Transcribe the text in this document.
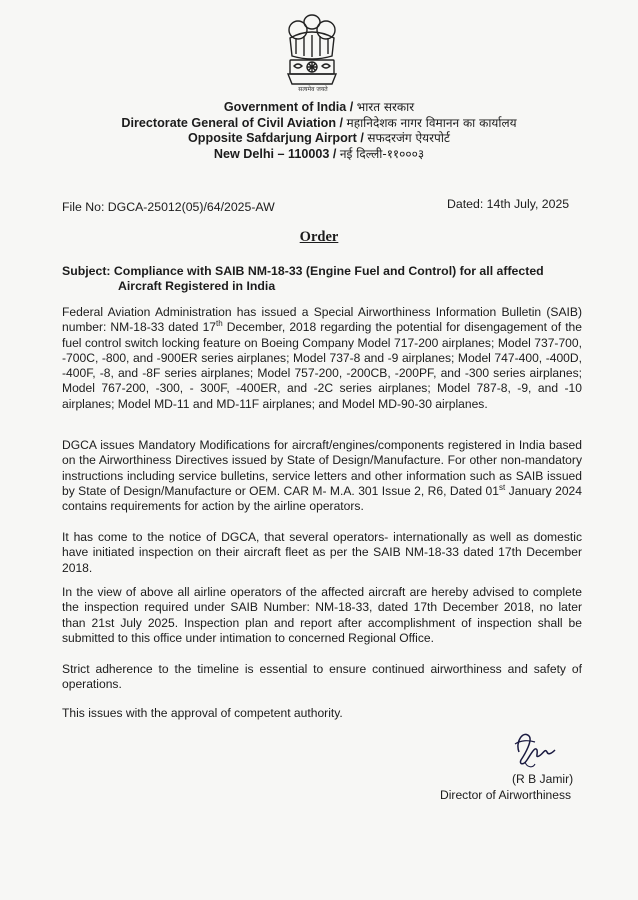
सत्यमेव जयते
Government of India / भारत सरकार
Directorate General of Civil Aviation / महानिदेशक नागर विमानन का कार्यालय
Opposite Safdarjung Airport / सफदरजंग ऐयरपोर्ट
New Delhi – 110003 / नई दिल्ली-११०००३
File No: DGCA-25012(05)/64/2025-AW	Dated: 14th July, 2025
Order
Subject: Compliance with SAIB NM-18-33 (Engine Fuel and Control) for all affected
Aircraft Registered in India
Federal Aviation Administration has issued a Special Airworthiness Information Bulletin (SAIB) number: NM-18-33 dated 17th December, 2018 regarding the potential for disengagement of the fuel control switch locking feature on Boeing Company Model 717-200 airplanes; Model 737-700, -700C, -800, and -900ER series airplanes; Model 737-8 and -9 airplanes; Model 747-400, -400D, -400F, -8, and -8F series airplanes; Model 757-200, -200CB, -200PF, and -300 series airplanes; Model 767-200, -300, - 300F, -400ER, and -2C series airplanes; Model 787-8, -9, and -10 airplanes; Model MD-11 and MD-11F airplanes; and Model MD-90-30 airplanes.
DGCA issues Mandatory Modifications for aircraft/engines/components registered in India based on the Airworthiness Directives issued by State of Design/Manufacture. For other non-mandatory instructions including service bulletins, service letters and other information such as SAIB issued by State of Design/Manufacture or OEM. CAR M- M.A. 301 Issue 2, R6, Dated 01st January 2024 contains requirements for action by the airline operators.
It has come to the notice of DGCA, that several operators- internationally as well as domestic have initiated inspection on their aircraft fleet as per the SAIB NM-18-33 dated 17th December 2018.
In the view of above all airline operators of the affected aircraft are hereby advised to complete the inspection required under SAIB Number: NM-18-33, dated 17th December 2018, no later than 21st July 2025. Inspection plan and report after accomplishment of inspection shall be submitted to this office under intimation to concerned Regional Office.
Strict adherence to the timeline is essential to ensure continued airworthiness and safety of operations.
This issues with the approval of competent authority.
(R B Jamir)
Director of Airworthiness
